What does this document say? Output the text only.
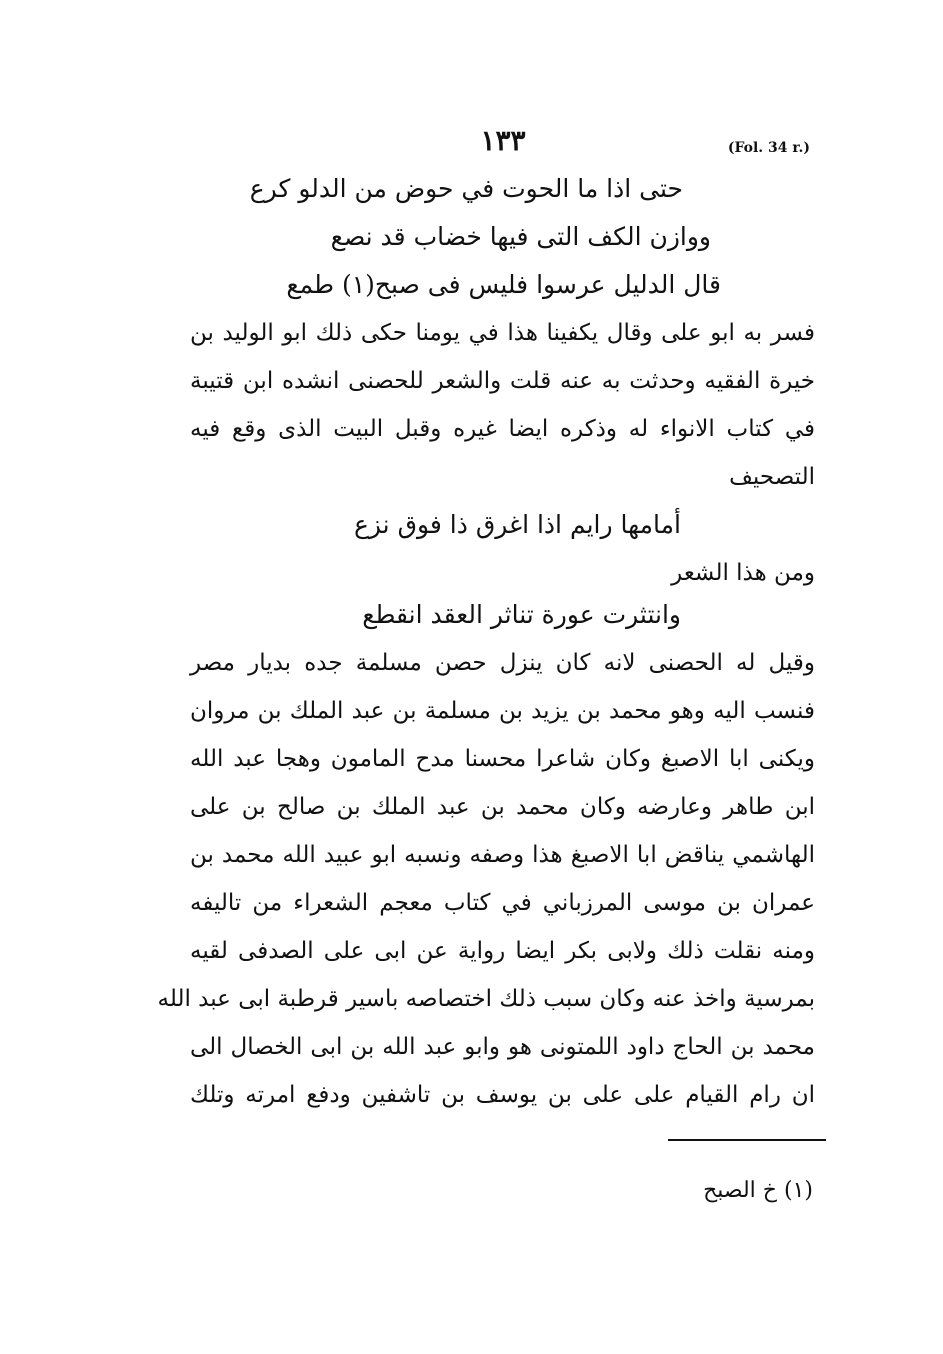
١٣٣	(Fol. 34 r.)
حتى اذا ما الحوت في حوض من الدلو كرع
ووازن الكف التى فيها خضاب قد نصع
قال الدليل عرسوا فليس فى صبح(١) طمع
فسر به ابو على وقال يكفينا هذا في يومنا حكى ذلك ابو الوليد بن
خيرة الفقيه وحدثت به عنه قلت والشعر للحصنى انشده ابن قتيبة
في كتاب الانواء له وذكره ايضا غيره وقبل البيت الذى وقع فيه
التصحيف
أمامها رايم اذا اغرق ذا فوق نزع
ومن هذا الشعر
وانتثرت عورة تناثر العقد انقطع
وقيل له الحصنى لانه كان ينزل حصن مسلمة جده بديار مصر
فنسب اليه وهو محمد بن يزيد بن مسلمة بن عبد الملك بن مروان
ويكنى ابا الاصبغ وكان شاعرا محسنا مدح المامون وهجا عبد الله
ابن طاهر وعارضه وكان محمد بن عبد الملك بن صالح بن على
الهاشمي يناقض ابا الاصبغ هذا وصفه ونسبه ابو عبيد الله محمد بن
عمران بن موسى المرزباني في كتاب معجم الشعراء من تاليفه
ومنه نقلت ذلك ولابى بكر ايضا رواية عن ابى على الصدفى لقيه
بمرسية واخذ عنه وكان سبب ذلك اختصاصه باسير قرطبة ابى عبد الله
محمد بن الحاج داود اللمتونى هو وابو عبد الله بن ابى الخصال الى
ان رام القيام على على بن يوسف بن تاشفين ودفع امرته وتلك
(١) خ الصبح
